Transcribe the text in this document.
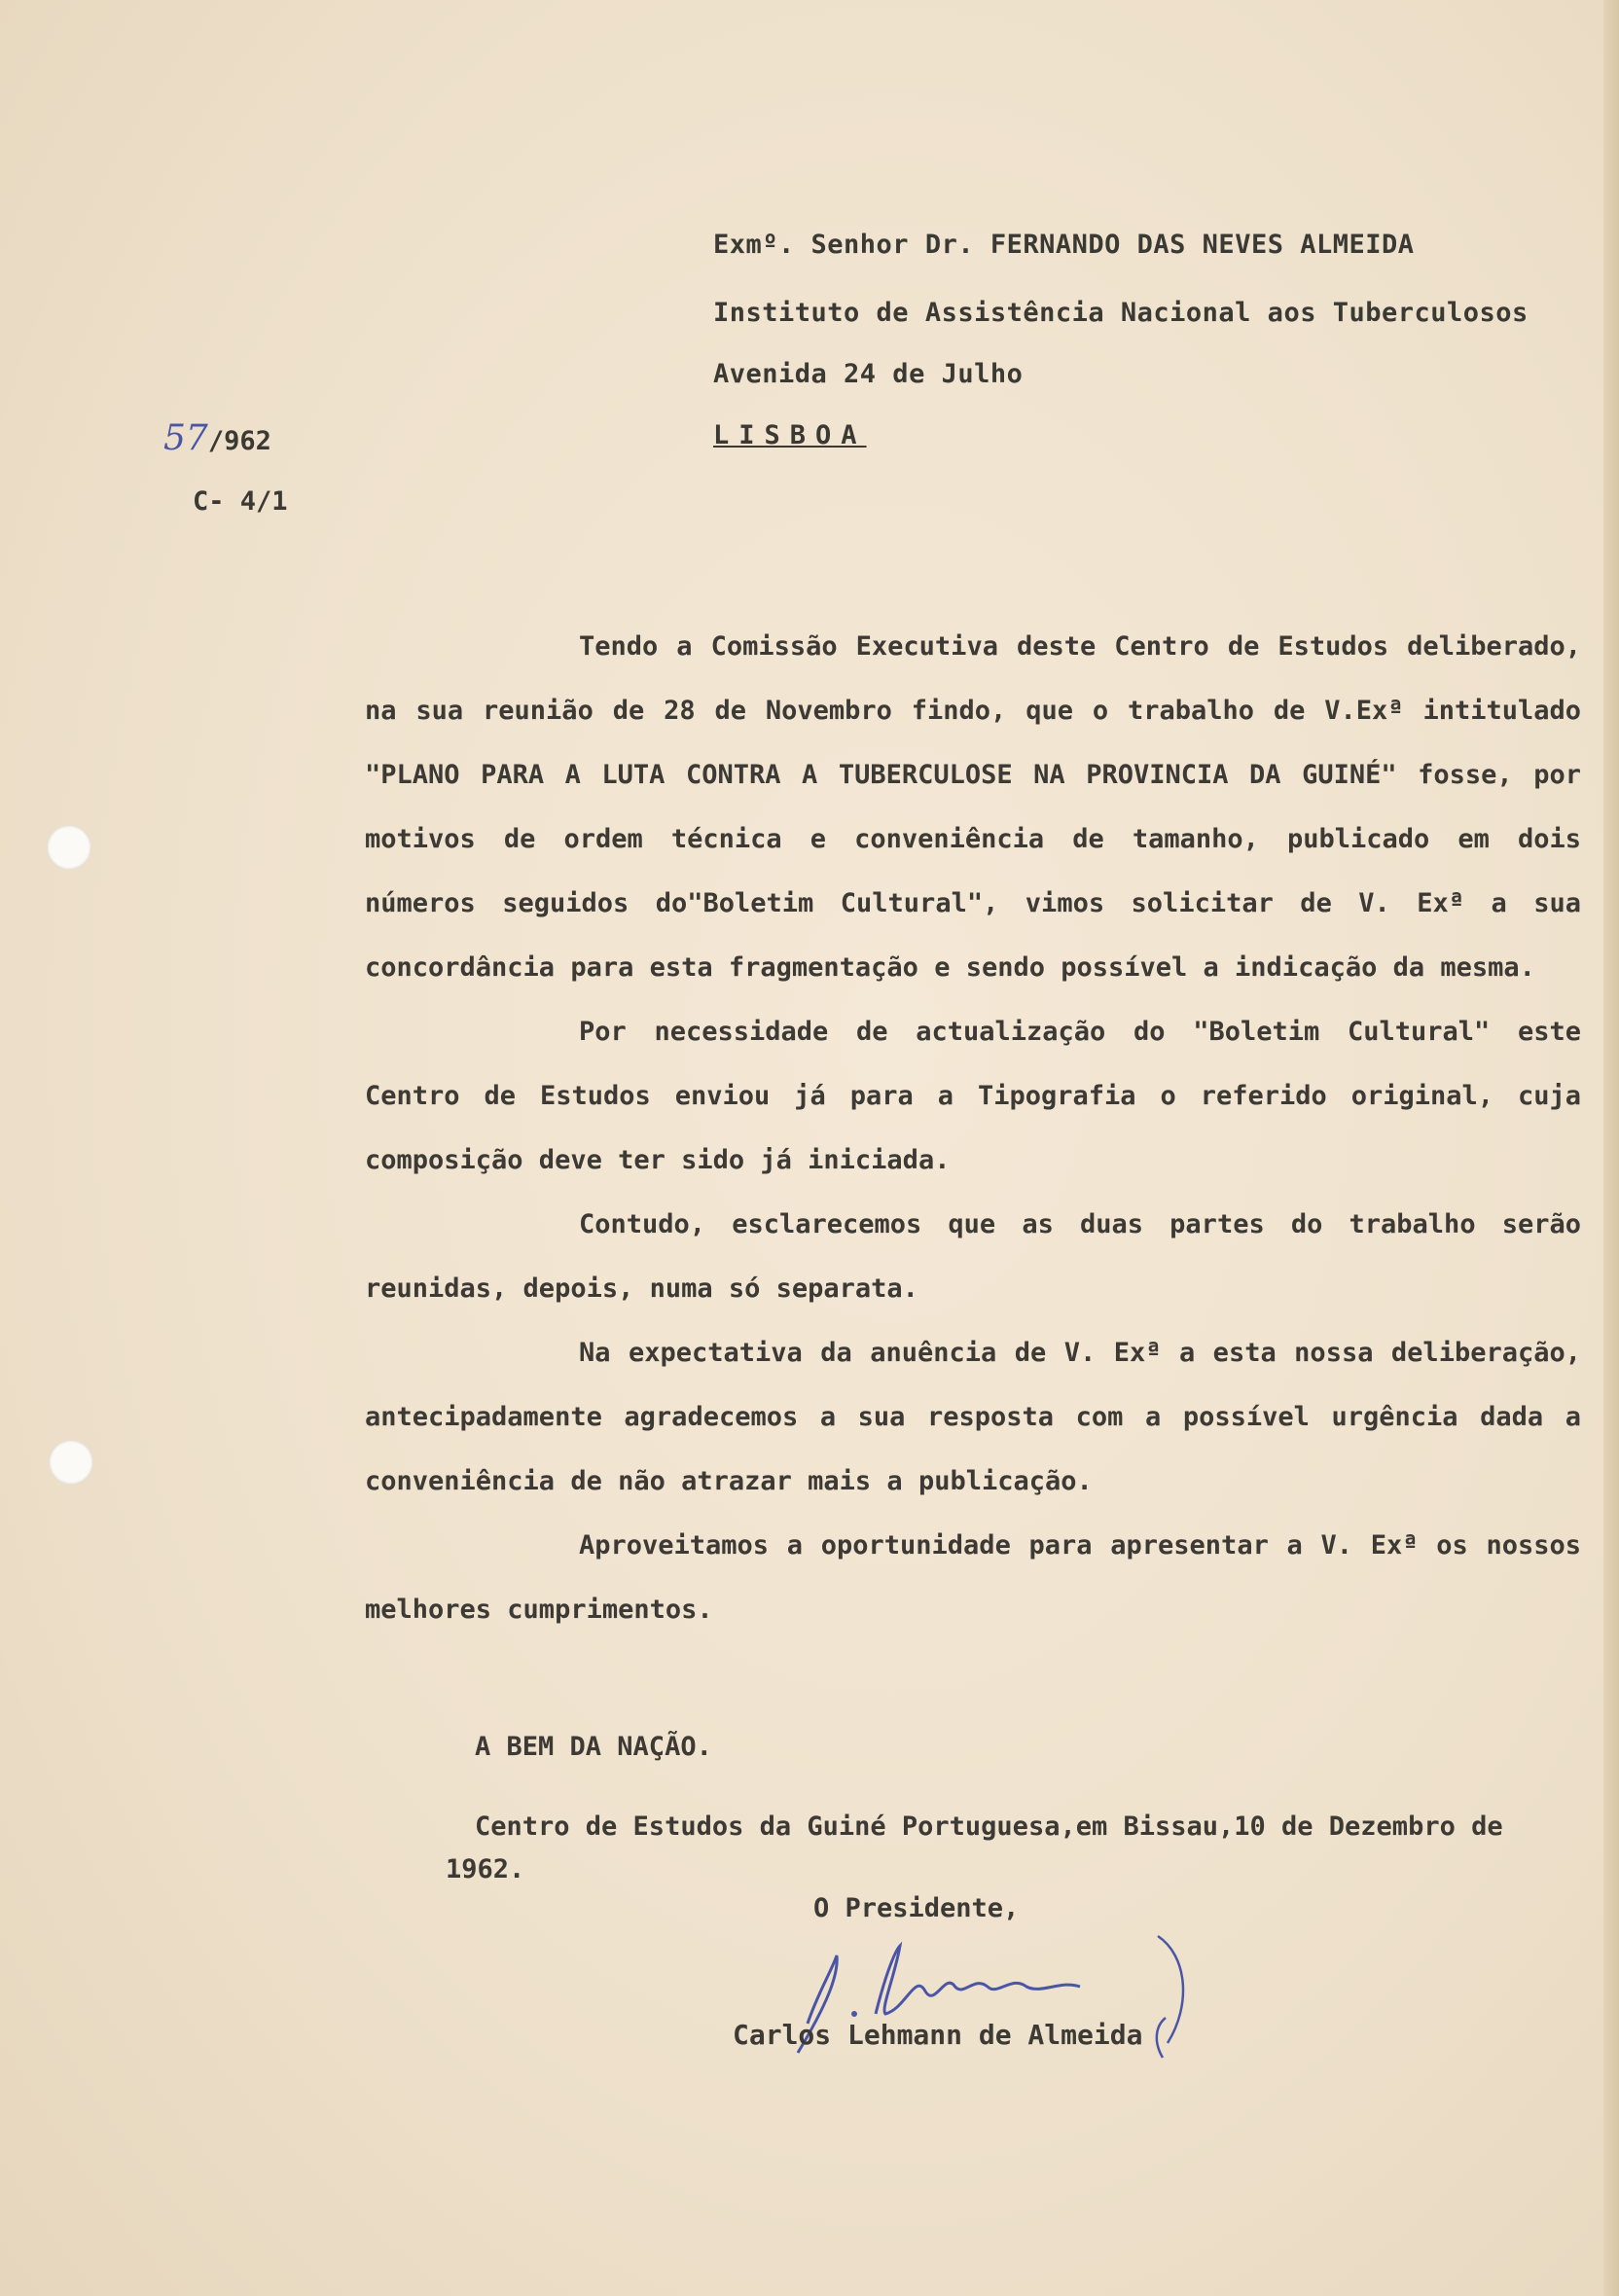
Exmº. Senhor Dr. FERNANDO DAS NEVES ALMEIDA
Instituto de Assistência Nacional aos Tuberculosos
Avenida 24 de Julho
LISBOA
57/962
C- 4/1

Tendo a Comissão Executiva deste Centro de Estudos deliberado, na sua reunião de 28 de Novembro findo, que o trabalho de V.Exª intitulado "PLANO PARA A LUTA CONTRA A TUBERCULOSE NA PROVINCIA DA GUINÉ" fosse, por motivos de ordem técnica e conveniência de tamanho, publicado em dois números seguidos do"Boletim Cultural", vimos solicitar de V. Exª a sua concordância para esta fragmentação e sendo possível a indicação da mesma.

Por necessidade de actualização do "Boletim Cultural" este Centro de Estudos enviou já para a Tipografia o referido original, cuja composição deve ter sido já iniciada.

Contudo, esclarecemos que as duas partes do trabalho serão reunidas, depois, numa só separata.

Na expectativa da anuência de V. Exª a esta nossa deliberação, antecipadamente agradecemos a sua resposta com a possível urgência dada a conveniência de não atrazar mais a publicação.

Aproveitamos a oportunidade para apresentar a V. Exª os nossos melhores cumprimentos.

A BEM DA NAÇÃO.
Centro de Estudos da Guiné Portuguesa,em Bissau,10 de Dezembro de
1962.
O Presidente,
Carlos Lehmann de Almeida
